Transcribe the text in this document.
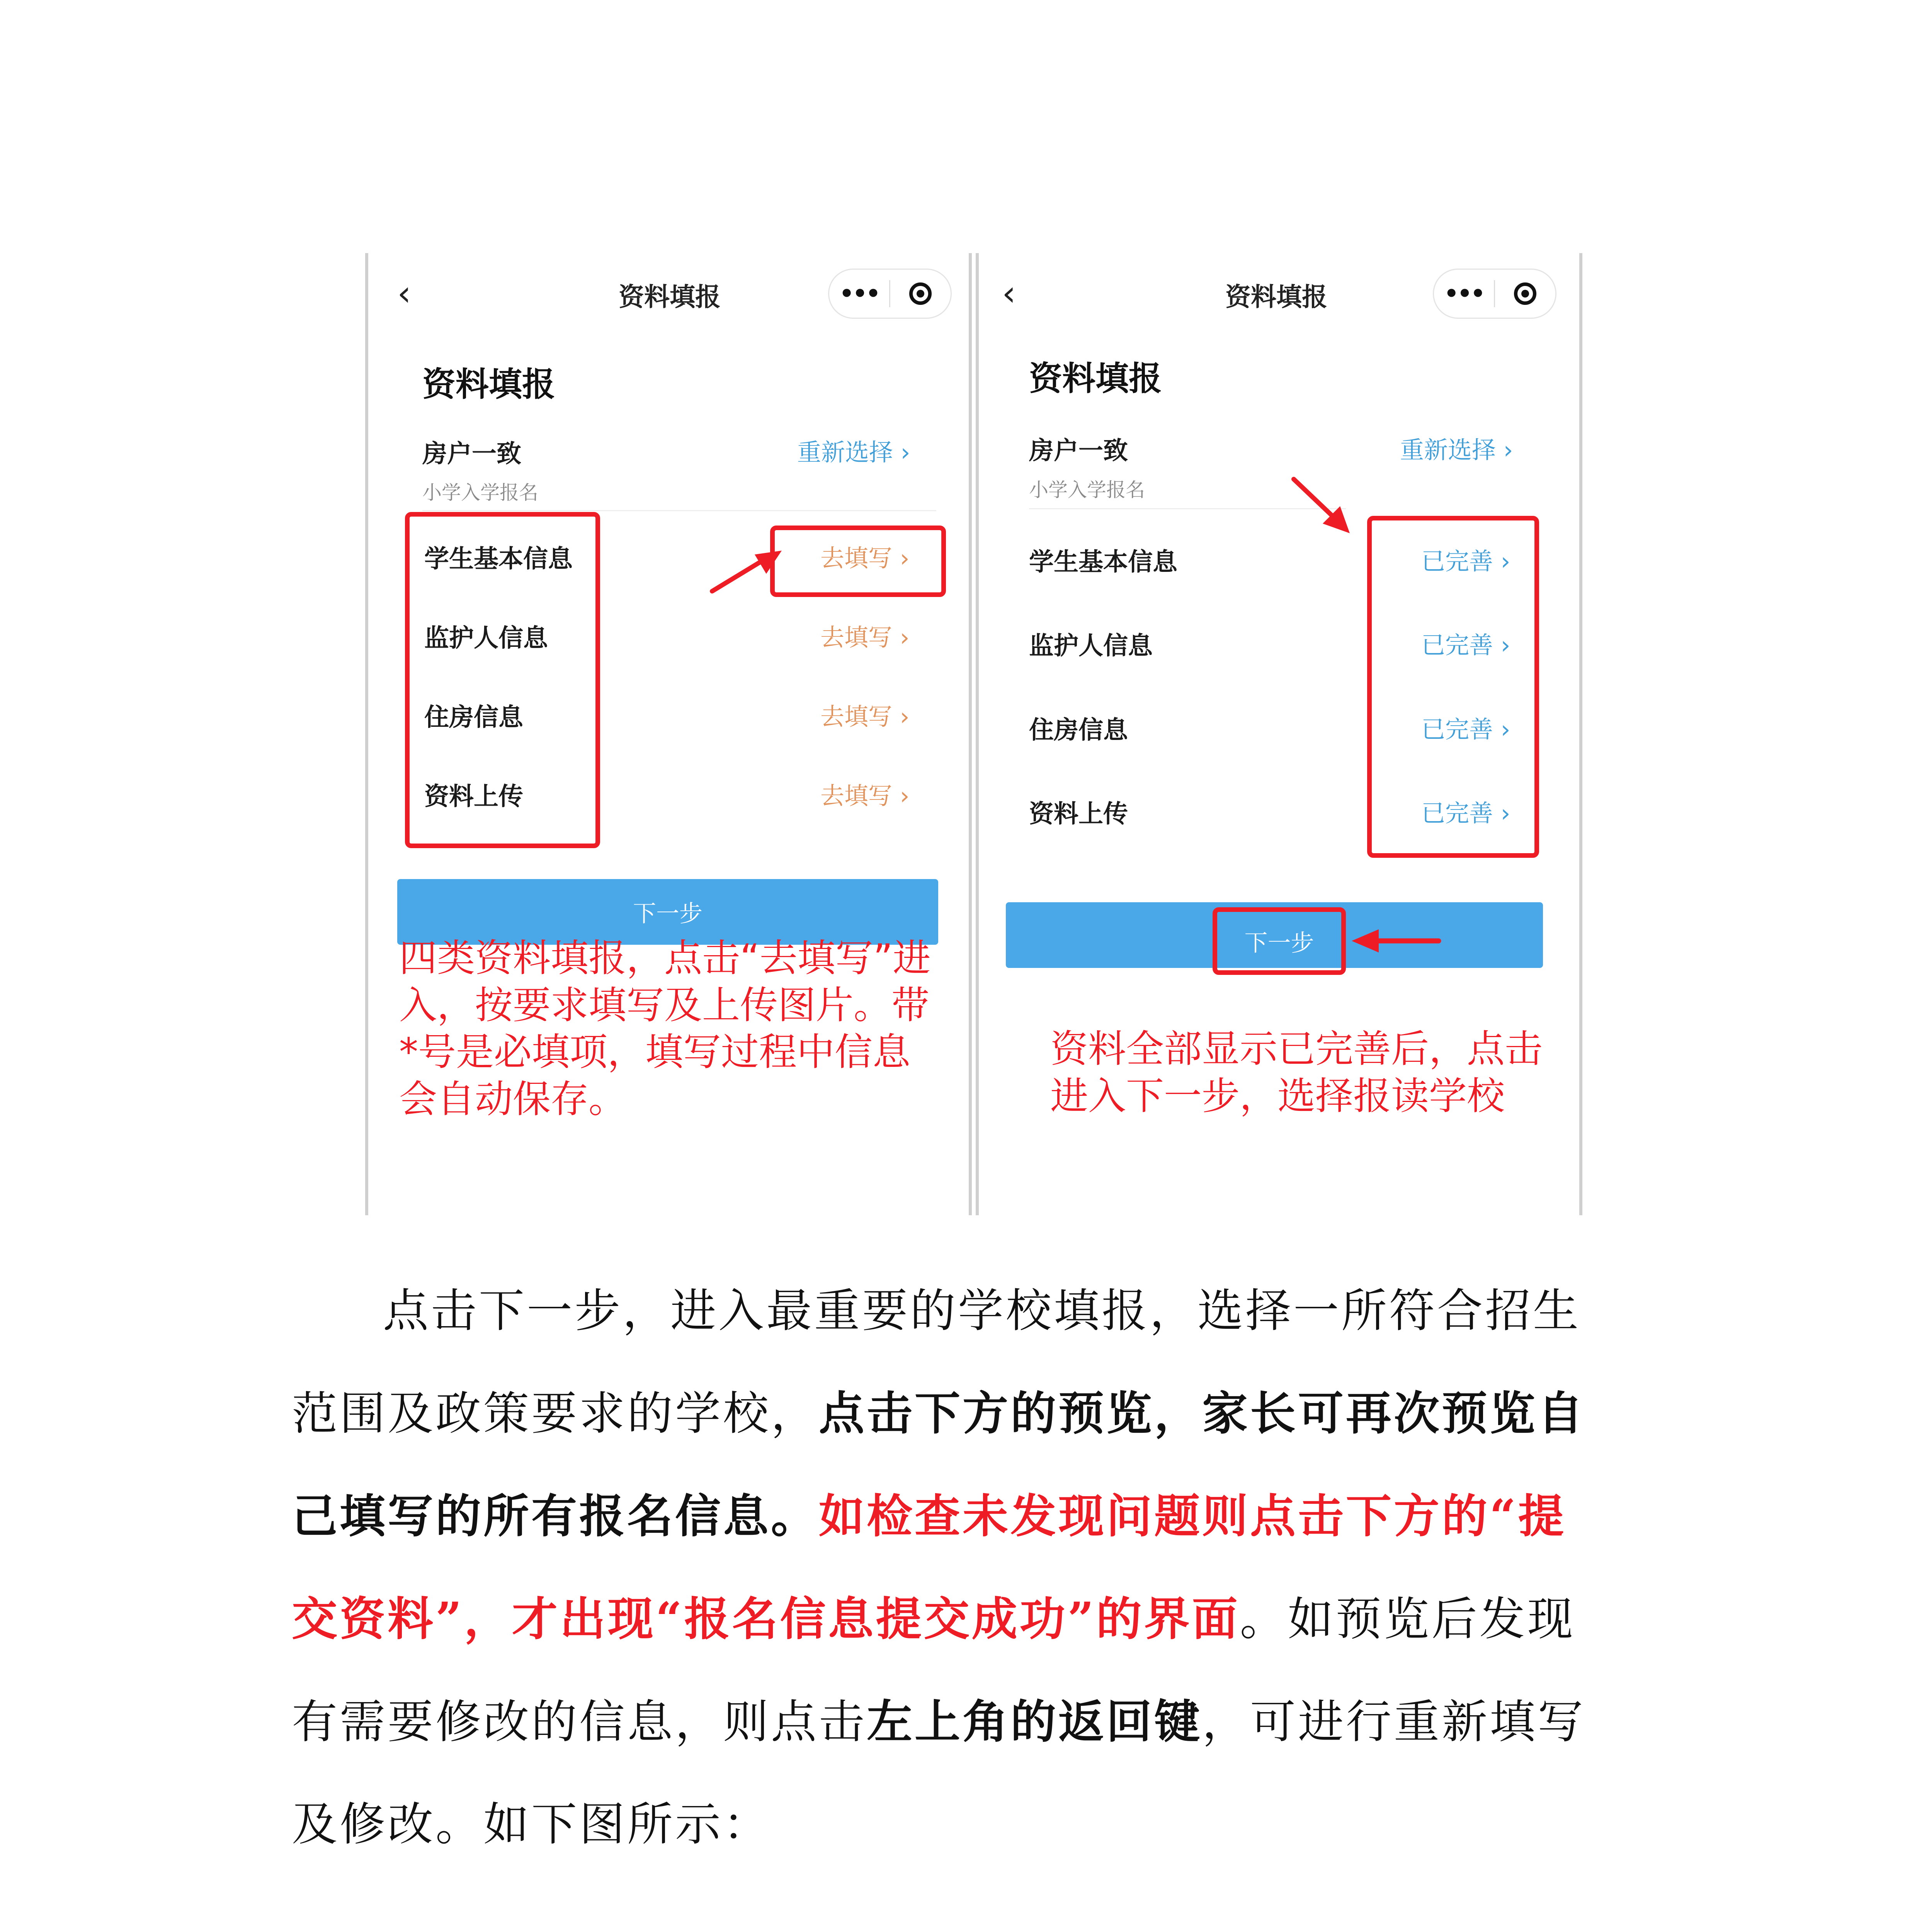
‹	资料填报	•••
资料填报
房户一致
小学入学报名
重新选择 ›
学生基本信息	去填写 ›
监护人信息	去填写 ›
住房信息	去填写 ›
资料上传	去填写 ›
下一步
四类资料填报，点击“去填写”进入，按要求填写及上传图片。带*号是必填项，填写过程中信息会自动保存。
‹	资料填报	•••
资料填报
房户一致
小学入学报名
重新选择 ›
学生基本信息	已完善 ›
监护人信息	已完善 ›
住房信息	已完善 ›
资料上传	已完善 ›
下一步
资料全部显示已完善后，点击进入下一步，选择报读学校
点击下一步，进入最重要的学校填报，选择一所符合招生范围及政策要求的学校，点击下方的预览，家长可再次预览自己填写的所有报名信息。如检查未发现问题则点击下方的“提交资料”，才出现“报名信息提交成功”的界面。如预览后发现有需要修改的信息，则点击左上角的返回键，可进行重新填写及修改。如下图所示：
